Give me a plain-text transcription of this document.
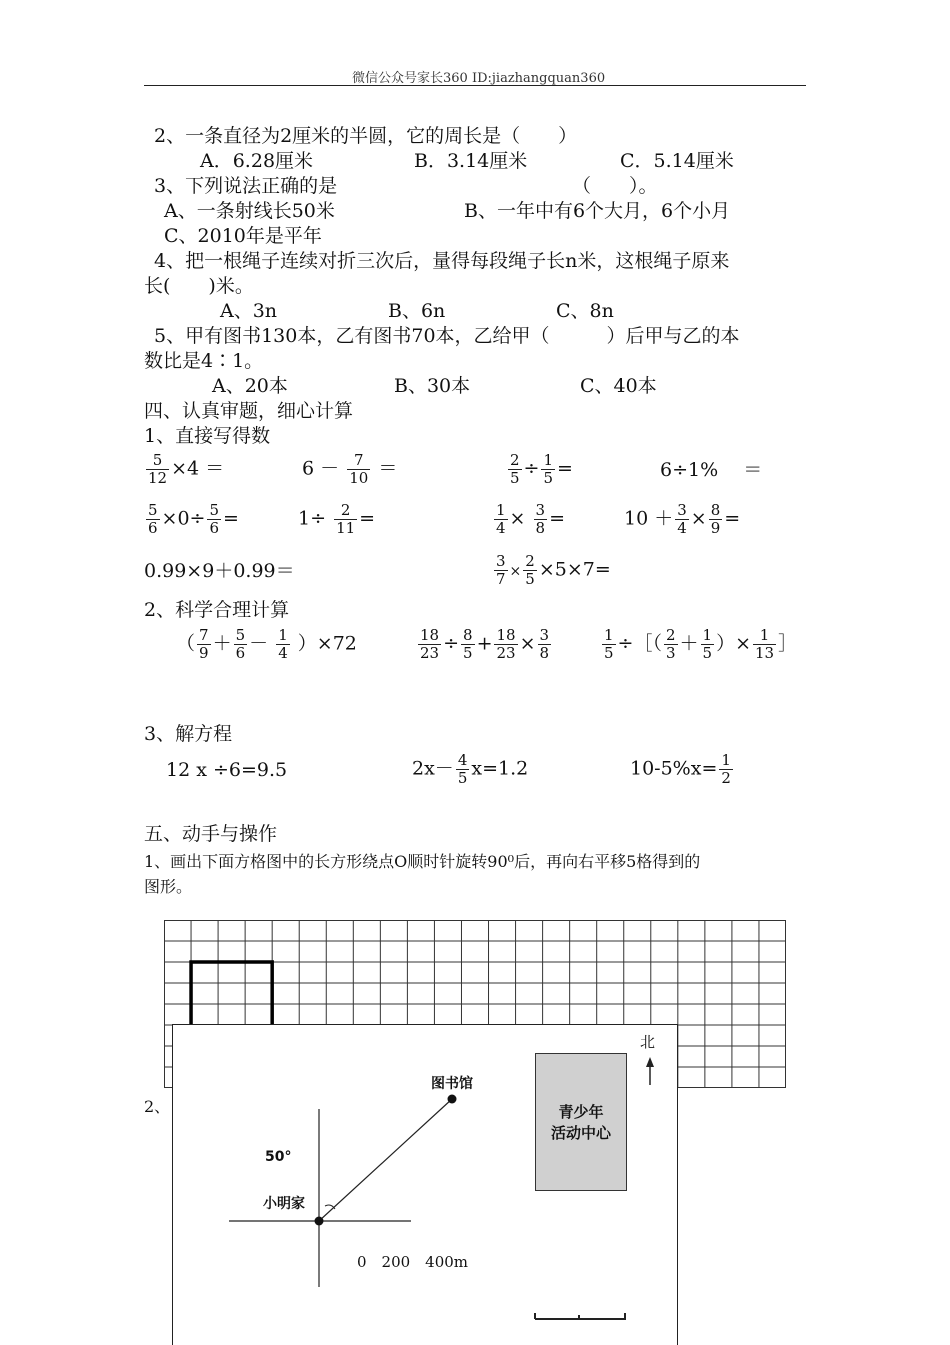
微信公众号家长360 ID:jiazhangquan360
2、一条直径为2厘米的半圆，它的周长是（　　）
A．6.28厘米	B．3.14厘米	C．5.14厘米
3、下列说法正确的是	（　　）。
A、一条射线长50米	B、一年中有6个大月，6个小月
C、2010年是平年
4、把一根绳子连续对折三次后，量得每段绳子长n米，这根绳子原来
长(　　)米。
A、3n	B、6n	C、8n
5、甲有图书130本，乙有图书70本，乙给甲（　　　）后甲与乙的本
数比是4∶1。
A、20本	B、30本	C、40本
四、认真审题，细心计算
1、直接写得数
$\frac{5}{12} \times 4$ ＝	$6 - \frac{7}{10}$ ＝	$\frac{2}{5} \div \frac{1}{5}$ =	6÷1%　 ＝
$\frac{5}{6} \times 0\div \frac{5}{6}$ =	$1\div \frac{2}{11}$ =	$\frac{1}{4} \times \frac{3}{8}$ =	$10 + \frac{3}{4} \times \frac{8}{9}$ =
0.99×9＋0.99＝	$\frac{3}{7} \times \frac{2}{5} \times 5\times 7=$
2、科学合理计算
（ $\frac{7}{9} + \frac{5}{6} - \frac{1}{4} )\times 72$	$\frac{18}{23} \div \frac{8}{5} + \frac{18}{23} \times \frac{3}{8}$	$\frac{1}{5}$ ÷［（ $\frac{2}{3} + \frac{1}{5}$ ）× $\frac{1}{13}$ ］
3、解方程
12 x ÷6=9.5	$2x- \frac{4}{5} x=1.2$	$10-5\%x= \frac{1}{2}$
五、动手与操作
1、画出下面方格图中的长方形绕点O顺时针旋转90⁰后，再向右平移5格得到的
图形。
2、
图书馆
小明家
50°
0　200　400m
北
青少年
活动中心
